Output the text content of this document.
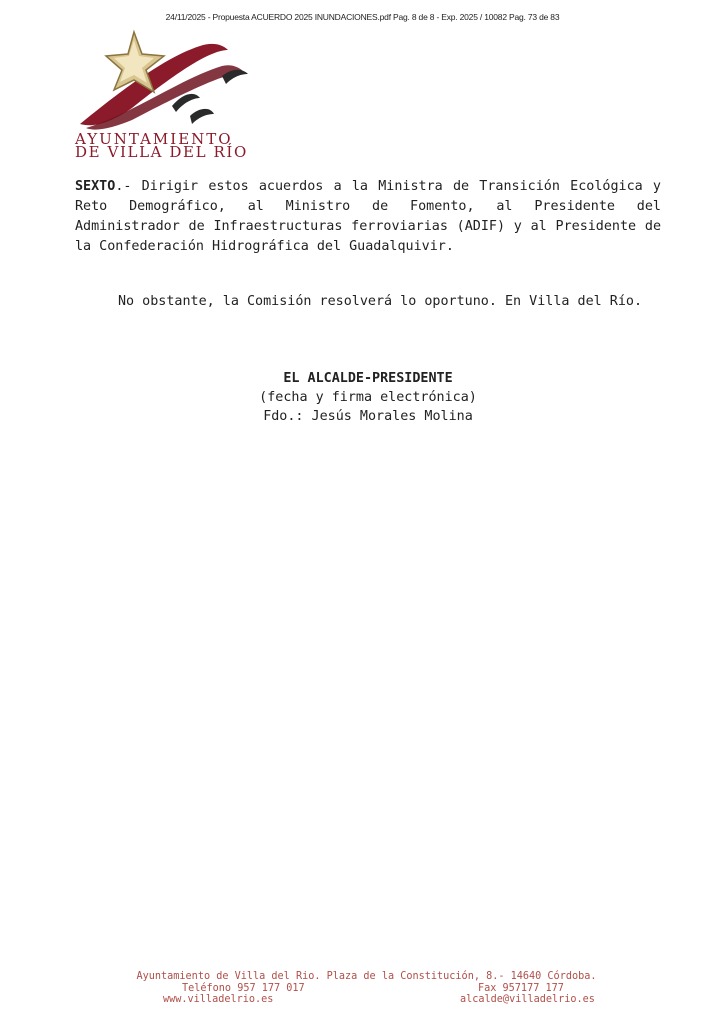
24/11/2025 - Propuesta ACUERDO 2025 INUNDACIONES.pdf Pag. 8 de 8 - Exp. 2025 / 10082 Pag. 73 de 83
AYUNTAMIENTO
DE VILLA DEL RÍO
SEXTO.- Dirigir estos acuerdos a la Ministra de Transición Ecológica y Reto Demográfico, al Ministro de Fomento, al Presidente del Administrador de Infraestructuras ferroviarias (ADIF) y al Presidente de la Confederación Hidrográfica del Guadalquivir.
No obstante, la Comisión resolverá lo oportuno. En Villa del Río.
EL ALCALDE-PRESIDENTE
(fecha y firma electrónica)
Fdo.: Jesús Morales Molina
Ayuntamiento de Villa del Rio. Plaza de la Constitución, 8.- 14640 Córdoba.
Teléfono 957 177 017	Fax 957177 177
www.villadelrio.es	alcalde@villadelrio.es
